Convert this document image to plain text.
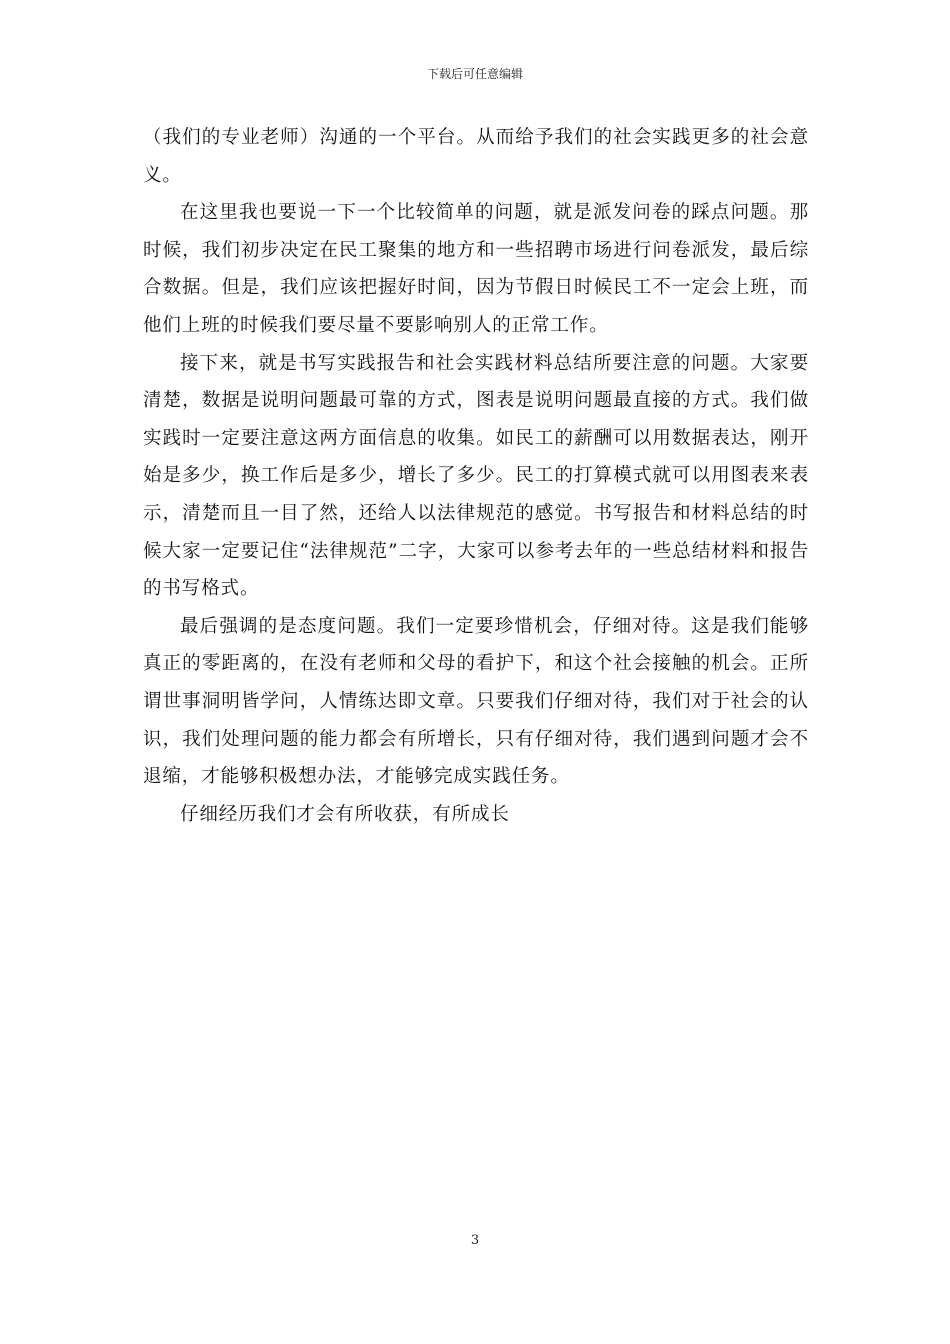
下载后可任意编辑

（我们的专业老师）沟通的一个平台。从而给予我们的社会实践更多的社会意义。

在这里我也要说一下一个比较简单的问题，就是派发问卷的踩点问题。那时候，我们初步决定在民工聚集的地方和一些招聘市场进行问卷派发，最后综合数据。但是，我们应该把握好时间，因为节假日时候民工不一定会上班，而他们上班的时候我们要尽量不要影响别人的正常工作。

接下来，就是书写实践报告和社会实践材料总结所要注意的问题。大家要清楚，数据是说明问题最可靠的方式，图表是说明问题最直接的方式。我们做实践时一定要注意这两方面信息的收集。如民工的薪酬可以用数据表达，刚开始是多少，换工作后是多少，增长了多少。民工的打算模式就可以用图表来表示，清楚而且一目了然，还给人以法律规范的感觉。书写报告和材料总结的时候大家一定要记住“法律规范”二字，大家可以参考去年的一些总结材料和报告的书写格式。

最后强调的是态度问题。我们一定要珍惜机会，仔细对待。这是我们能够真正的零距离的，在没有老师和父母的看护下，和这个社会接触的机会。正所谓世事洞明皆学问，人情练达即文章。只要我们仔细对待，我们对于社会的认识，我们处理问题的能力都会有所增长，只有仔细对待，我们遇到问题才会不退缩，才能够积极想办法，才能够完成实践任务。

仔细经历我们才会有所收获，有所成长

3
